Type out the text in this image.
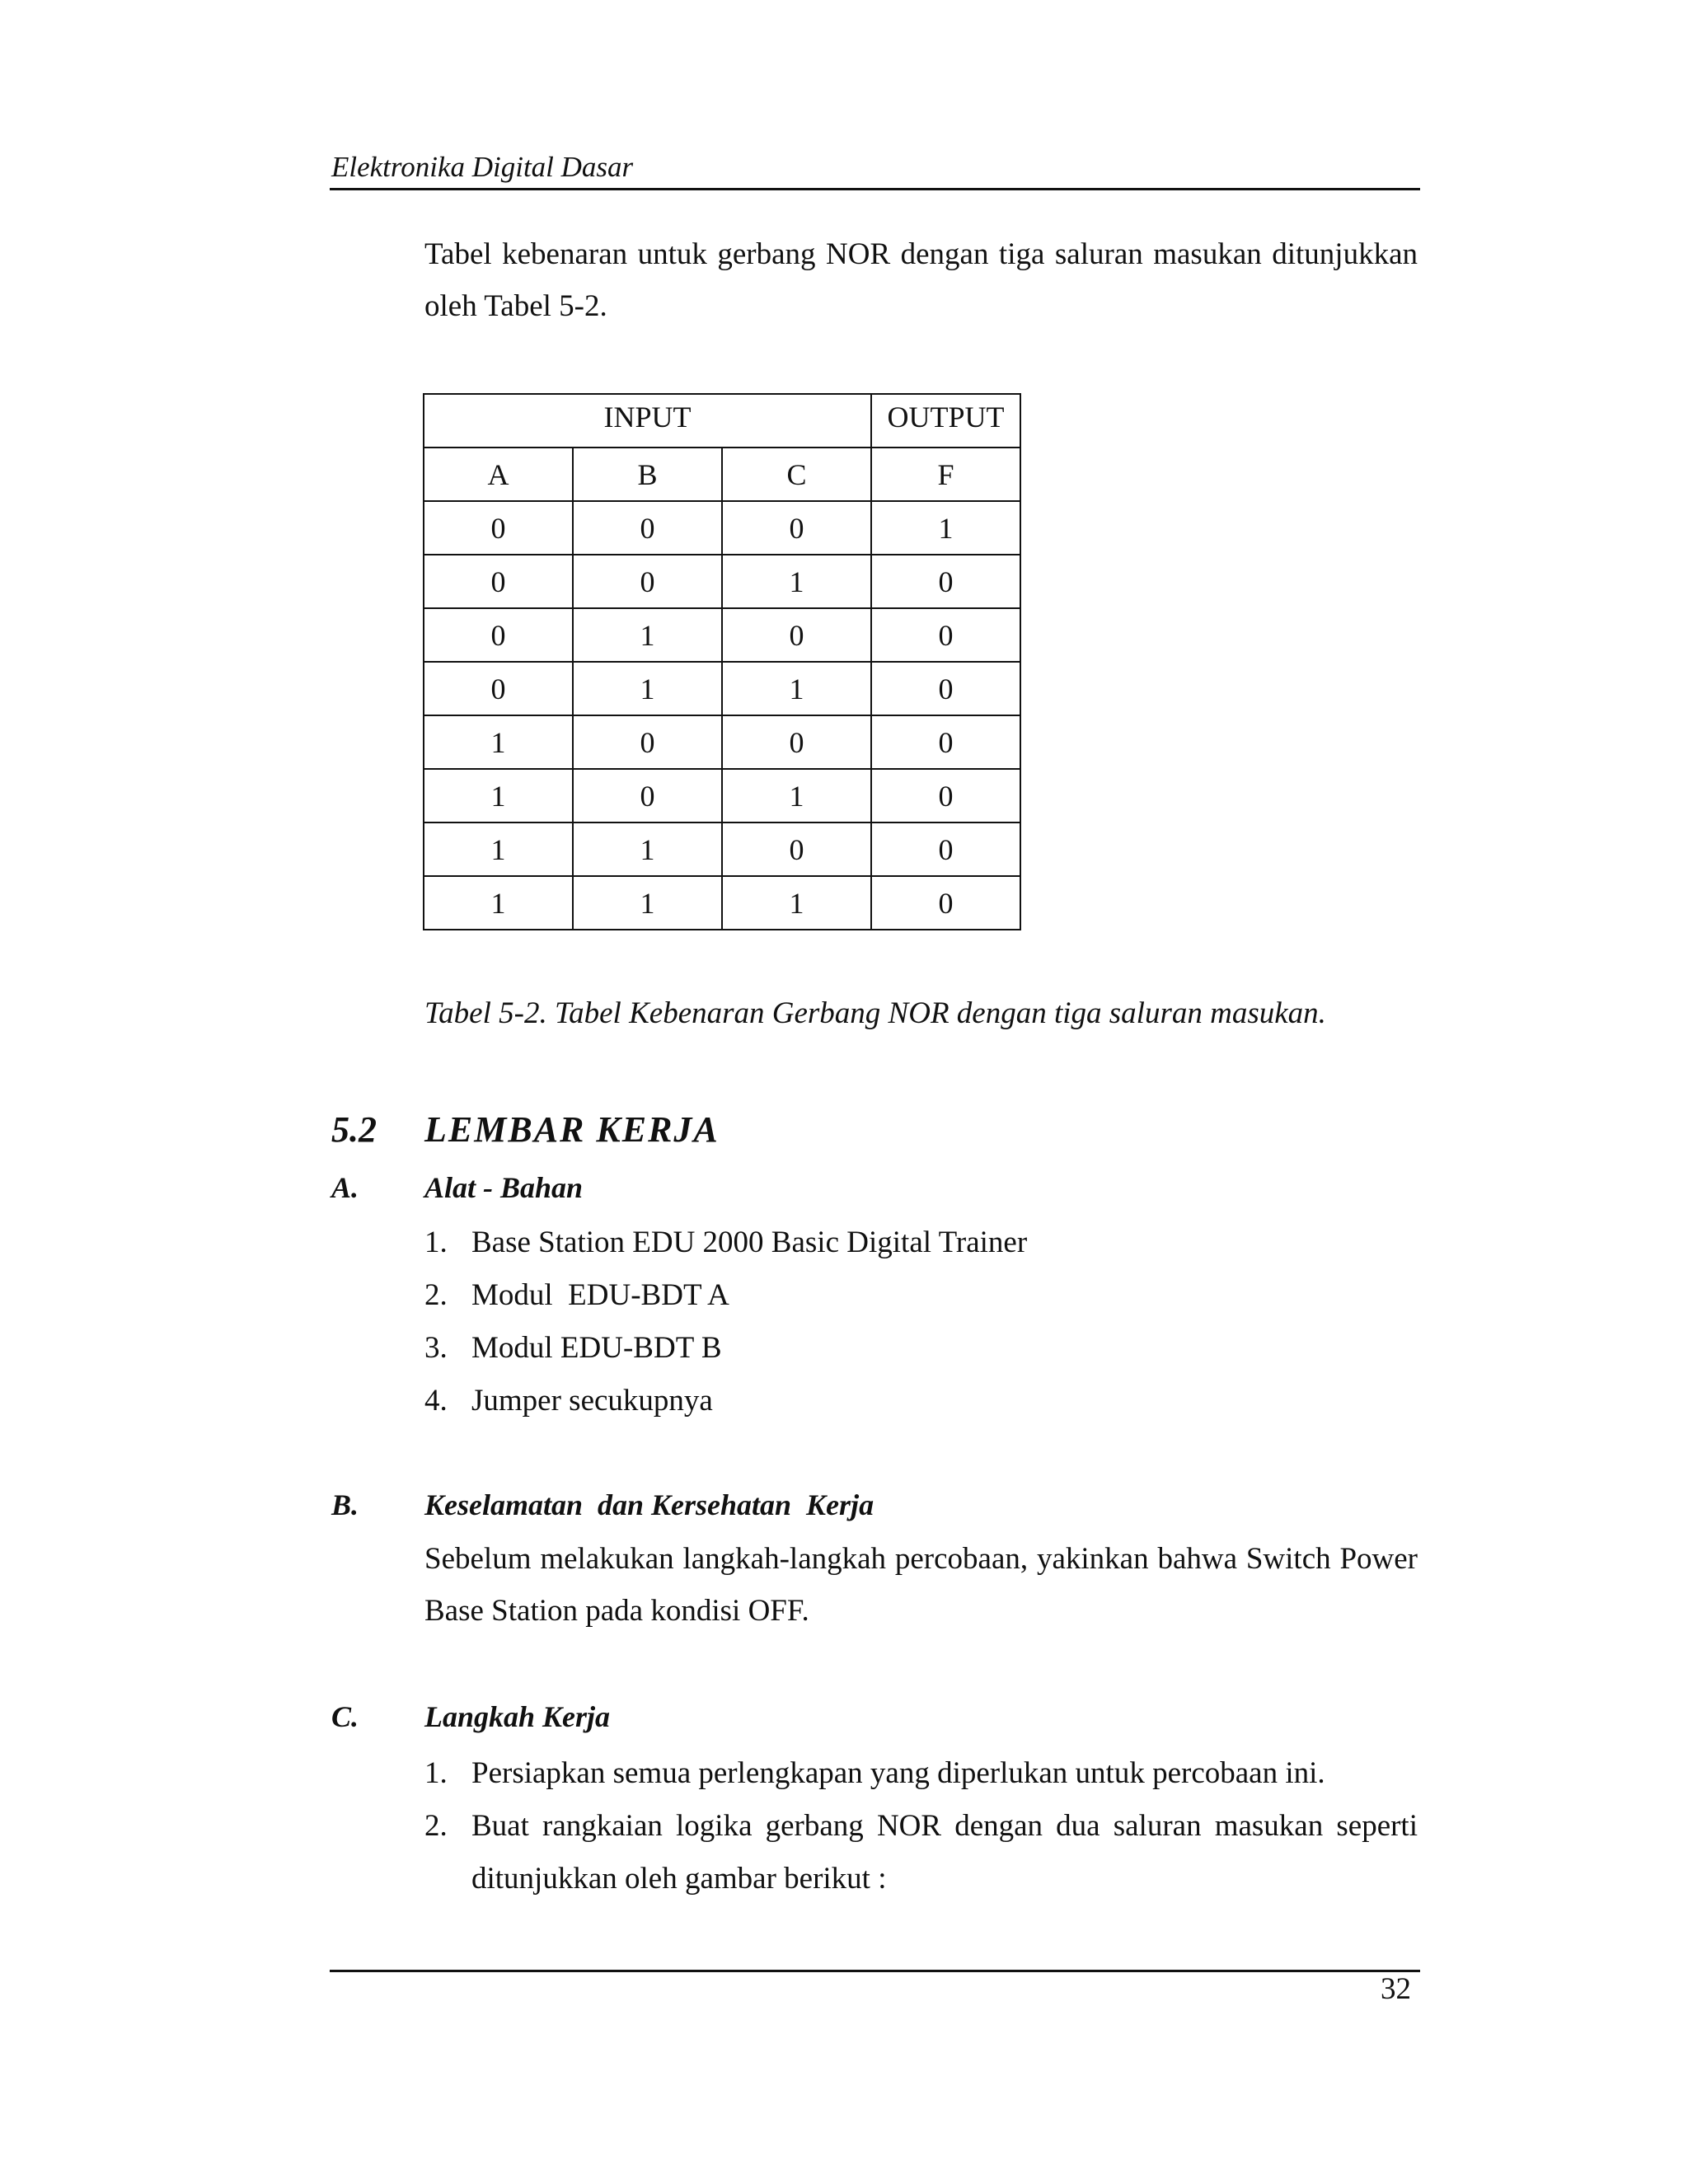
Elektronika Digital Dasar
Tabel kebenaran untuk gerbang NOR dengan tiga saluran masukan ditunjukkan oleh Tabel 5-2.
INPUT			OUTPUT
A	B	C	F
0	0	0	1
0	0	1	0
0	1	0	0
0	1	1	0
1	0	0	0
1	0	1	0
1	1	0	0
1	1	1	0
Tabel 5-2. Tabel Kebenaran Gerbang NOR dengan tiga saluran masukan.
5.2 LEMBAR KERJA
A. Alat - Bahan
1. Base Station EDU 2000 Basic Digital Trainer
2. Modul  EDU-BDT A
3. Modul EDU-BDT B
4. Jumper secukupnya
B. Keselamatan  dan Kersehatan  Kerja
Sebelum melakukan langkah-langkah percobaan, yakinkan bahwa Switch Power Base Station pada kondisi OFF.
C. Langkah Kerja
1. Persiapkan semua perlengkapan yang diperlukan untuk percobaan ini.
2. Buat rangkaian logika gerbang NOR dengan dua saluran masukan seperti ditunjukkan oleh gambar berikut :
32
